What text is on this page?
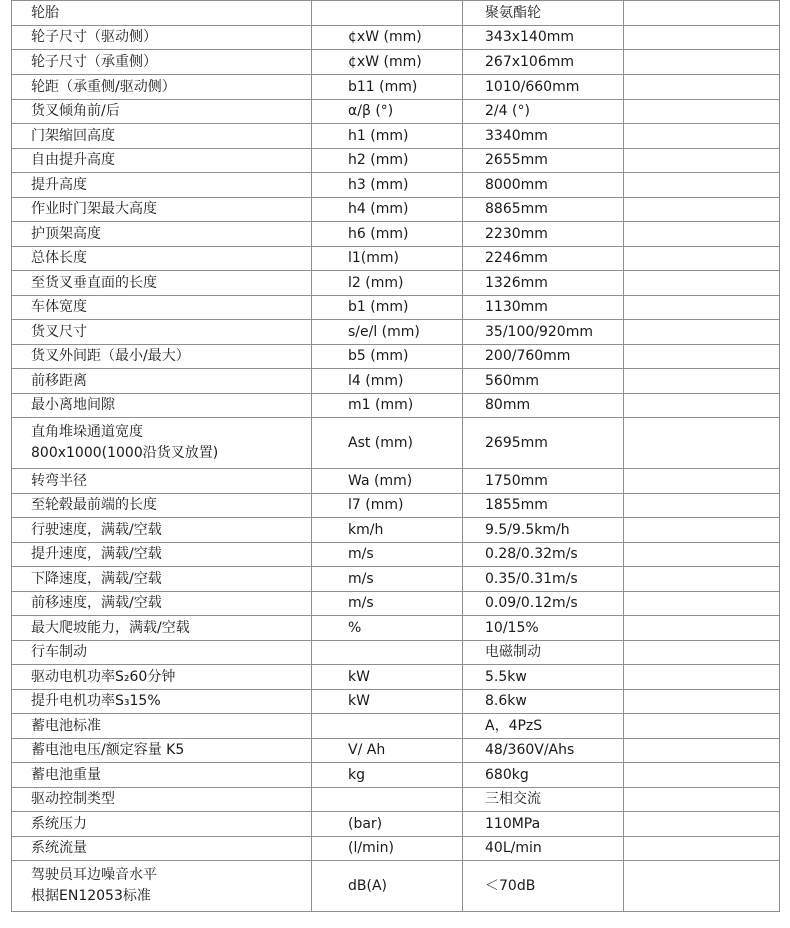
轮胎		聚氨酯轮	
轮子尺寸（驱动侧）	¢xW (mm)	343x140mm	
轮子尺寸（承重侧）	¢xW (mm)	267x106mm	
轮距（承重侧/驱动侧）	b11 (mm)	1010/660mm	
货叉倾角前/后	α/β (°)	2/4 (°)	
门架缩回高度	h1 (mm)	3340mm	
自由提升高度	h2 (mm)	2655mm	
提升高度	h3 (mm)	8000mm	
作业时门架最大高度	h4 (mm)	8865mm	
护顶架高度	h6 (mm)	2230mm	
总体长度	l1(mm)	2246mm	
至货叉垂直面的长度	l2 (mm)	1326mm	
车体宽度	b1 (mm)	1130mm	
货叉尺寸	s/e/l (mm)	35/100/920mm	
货叉外间距（最小/最大）	b5 (mm)	200/760mm	
前移距离	l4 (mm)	560mm	
最小离地间隙	m1 (mm)	80mm	

直角堆垛通道宽度
800x1000(1000沿货叉放置)	Ast (mm)	2695mm	
转弯半径	Wa (mm)	1750mm	
至轮毂最前端的长度	l7 (mm)	1855mm	
行驶速度，满载/空载	km/h	9.5/9.5km/h	
提升速度，满载/空载	m/s	0.28/0.32m/s	
下降速度，满载/空载	m/s	0.35/0.31m/s	
前移速度，满载/空载	m/s	0.09/0.12m/s	
最大爬坡能力，满载/空载	%	10/15%	
行车制动		电磁制动	
驱动电机功率S₂60分钟	kW	5.5kw	
提升电机功率S₃15%	kW	8.6kw	
蓄电池标准		A，4PzS	
蓄电池电压/额定容量 K5	V/ Ah	48/360V/Ahs	
蓄电池重量	kg	680kg	
驱动控制类型		三相交流	
系统压力	(bar)	110MPa	
系统流量	(l/min)	40L/min	

驾驶员耳边噪音水平
根据EN12053标准	dB(A)	＜70dB	
